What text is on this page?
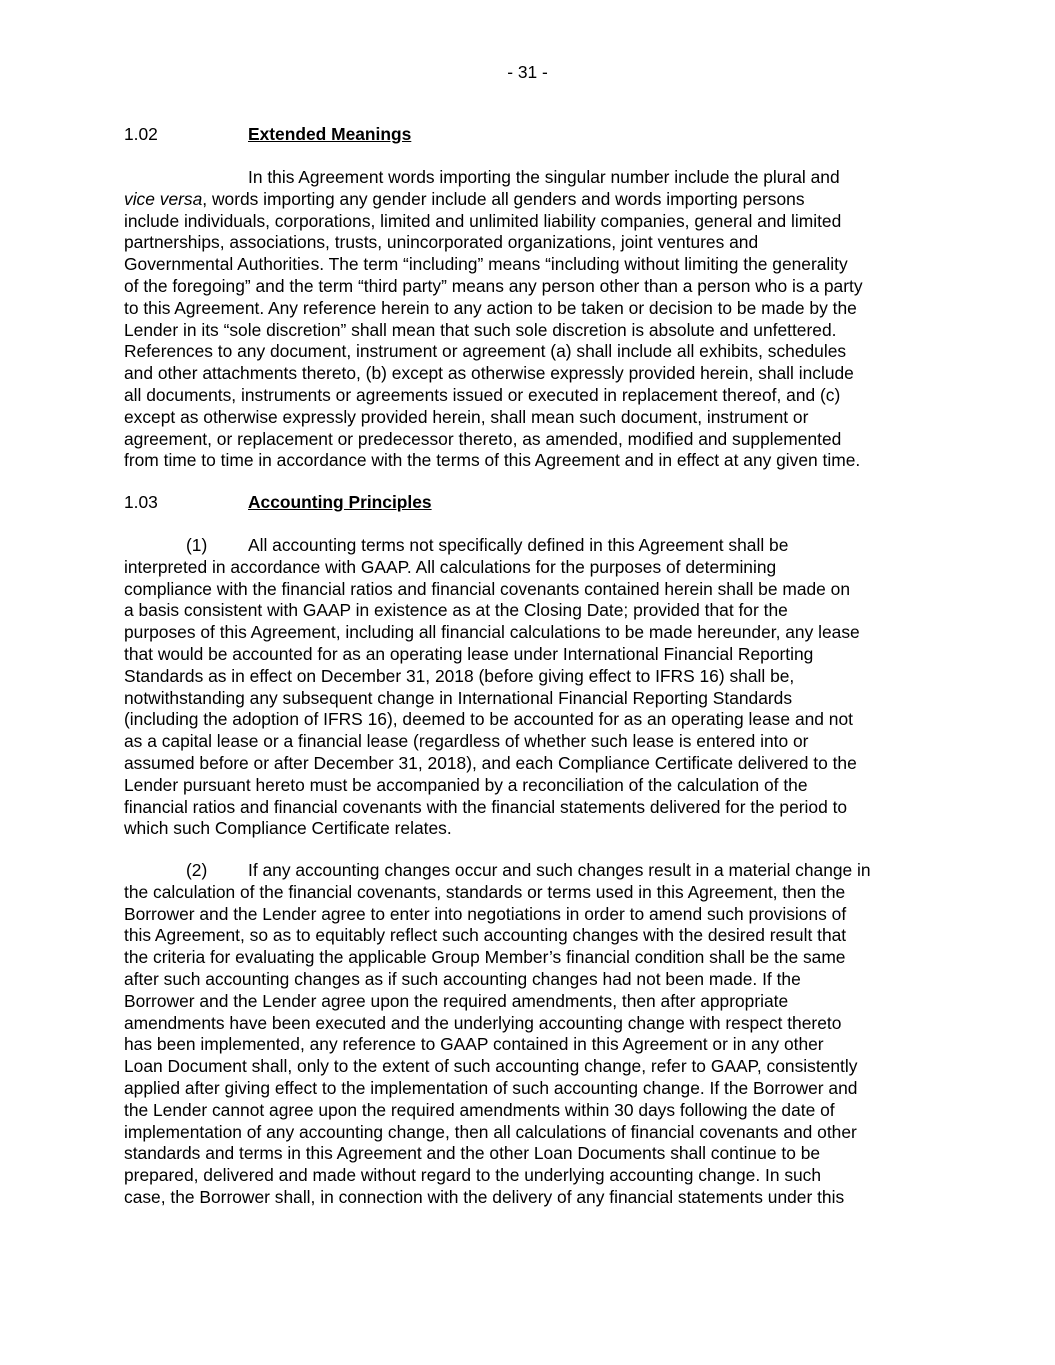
- 31 -
1.02	Extended Meanings
In this Agreement words importing the singular number include the plural and
vice versa, words importing any gender include all genders and words importing persons
include individuals, corporations, limited and unlimited liability companies, general and limited
partnerships, associations, trusts, unincorporated organizations, joint ventures and
Governmental Authorities. The term “including” means “including without limiting the generality
of the foregoing” and the term “third party” means any person other than a person who is a party
to this Agreement. Any reference herein to any action to be taken or decision to be made by the
Lender in its “sole discretion” shall mean that such sole discretion is absolute and unfettered.
References to any document, instrument or agreement (a) shall include all exhibits, schedules
and other attachments thereto, (b) except as otherwise expressly provided herein, shall include
all documents, instruments or agreements issued or executed in replacement thereof, and (c)
except as otherwise expressly provided herein, shall mean such document, instrument or
agreement, or replacement or predecessor thereto, as amended, modified and supplemented
from time to time in accordance with the terms of this Agreement and in effect at any given time.
1.03	Accounting Principles
(1) All accounting terms not specifically defined in this Agreement shall be
interpreted in accordance with GAAP. All calculations for the purposes of determining
compliance with the financial ratios and financial covenants contained herein shall be made on
a basis consistent with GAAP in existence as at the Closing Date; provided that for the
purposes of this Agreement, including all financial calculations to be made hereunder, any lease
that would be accounted for as an operating lease under International Financial Reporting
Standards as in effect on December 31, 2018 (before giving effect to IFRS 16) shall be,
notwithstanding any subsequent change in International Financial Reporting Standards
(including the adoption of IFRS 16), deemed to be accounted for as an operating lease and not
as a capital lease or a financial lease (regardless of whether such lease is entered into or
assumed before or after December 31, 2018), and each Compliance Certificate delivered to the
Lender pursuant hereto must be accompanied by a reconciliation of the calculation of the
financial ratios and financial covenants with the financial statements delivered for the period to
which such Compliance Certificate relates.
(2) If any accounting changes occur and such changes result in a material change in
the calculation of the financial covenants, standards or terms used in this Agreement, then the
Borrower and the Lender agree to enter into negotiations in order to amend such provisions of
this Agreement, so as to equitably reflect such accounting changes with the desired result that
the criteria for evaluating the applicable Group Member’s financial condition shall be the same
after such accounting changes as if such accounting changes had not been made. If the
Borrower and the Lender agree upon the required amendments, then after appropriate
amendments have been executed and the underlying accounting change with respect thereto
has been implemented, any reference to GAAP contained in this Agreement or in any other
Loan Document shall, only to the extent of such accounting change, refer to GAAP, consistently
applied after giving effect to the implementation of such accounting change. If the Borrower and
the Lender cannot agree upon the required amendments within 30 days following the date of
implementation of any accounting change, then all calculations of financial covenants and other
standards and terms in this Agreement and the other Loan Documents shall continue to be
prepared, delivered and made without regard to the underlying accounting change. In such
case, the Borrower shall, in connection with the delivery of any financial statements under this
